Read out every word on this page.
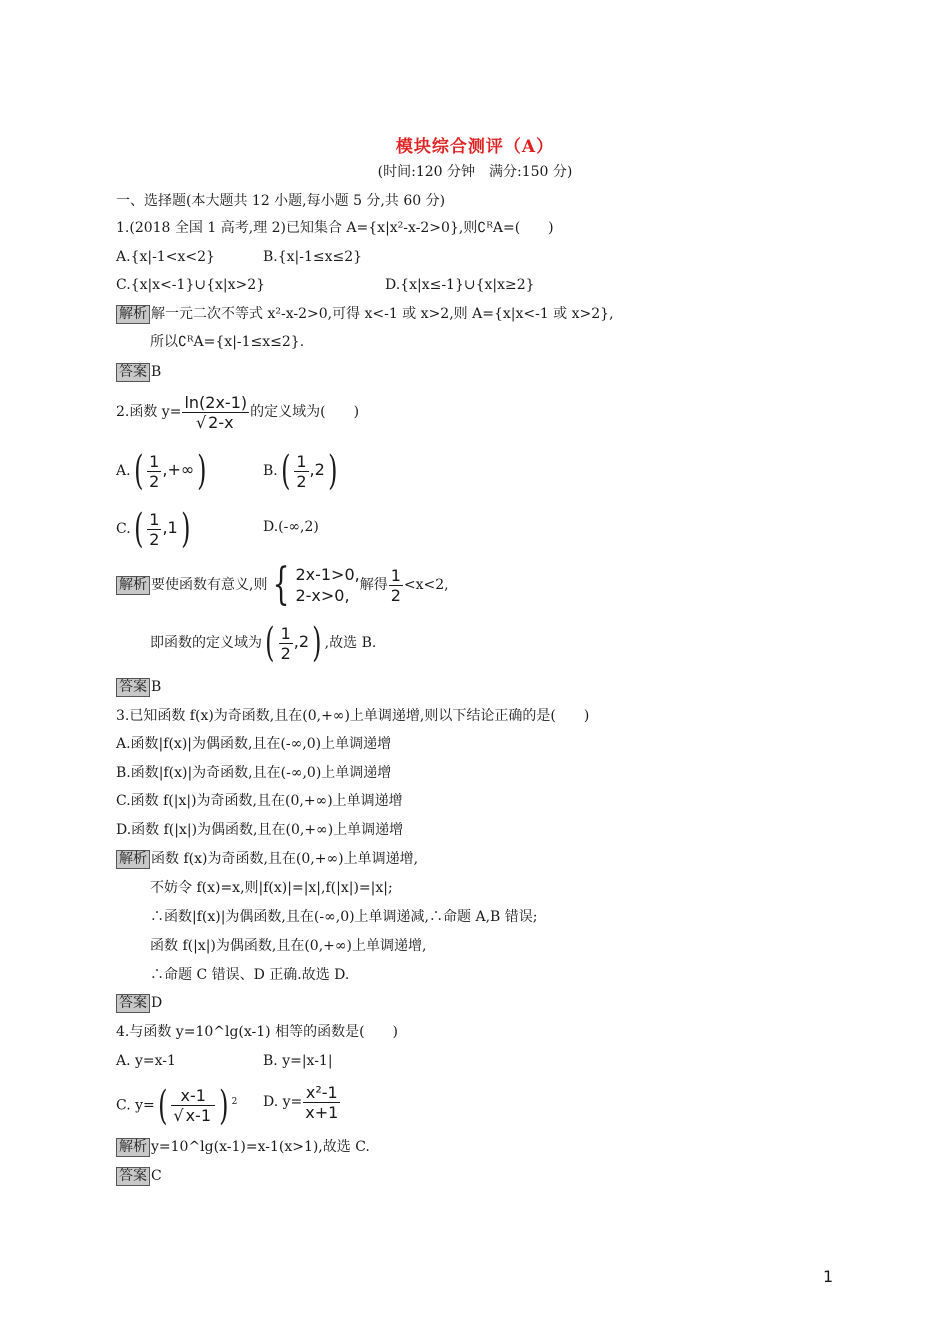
模块综合测评（A）
(时间:120 分钟　满分:150 分)
一、选择题(本大题共 12 小题,每小题 5 分,共 60 分)
1.(2018 全国 1 高考,理 2)已知集合 A={x|x²-x-2>0},则∁ᴿA=(　　)
A.{x|-1<x<2}	B.{x|-1≤x≤2}
C.{x|x<-1}∪{x|x>2}	D.{x|x≤-1}∪{x|x≥2}
解析 解一元二次不等式 x²-x-2>0,可得 x<-1 或 x>2,则 A={x|x<-1 或 x>2},
所以∁ᴿA={x|-1≤x≤2}.
答案 B
2.函数 $y= \frac{\ln(2x-1)}{√ 2-x}$ 的定义域为(　　)
$A.( \frac{1}{2}$ ,+∞)	$B.( \frac{1}{2} ,2)$
$C.( \frac{1}{2} ,1)$	D.(-∞,2)
解析 要使函数有意义,则 { 2x-1>0,
2-x>0,
解得 $\frac{1}{2} <x<2$,
即函数的定义域为( $\frac{1}{2} ,2$) ,故选 B.
答案 B
3.已知函数 f(x)为奇函数,且在(0,+∞)上单调递增,则以下结论正确的是(　　)
A.函数|f(x)|为偶函数,且在(-∞,0)上单调递增
B.函数|f(x)|为奇函数,且在(-∞,0)上单调递增
C.函数 f(|x|)为奇函数,且在(0,+∞)上单调递增
D.函数 f(|x|)为偶函数,且在(0,+∞)上单调递增
解析 函数 f(x)为奇函数,且在(0,+∞)上单调递增,
不妨令 f(x)=x,则|f(x)|=|x|,f(|x|)=|x|;
∴函数|f(x)|为偶函数,且在(-∞,0)上单调递减,∴命题 A,B 错误;
函数 f(|x|)为偶函数,且在(0,+∞)上单调递增,
∴命题 C 错误、D 正确.故选 D.
答案 D
4.与函数 y=10^lg(x-1) 相等的函数是(　　)
A. y=x-1	B. y=|x-1|
C. $y=( \frac{x-1}{√ x-1}$ ) $^2$ D. $y= \frac{\text{x²-1}}{x+1}$
解析 y=10^lg(x-1)=x-1(x>1),故选 C.
答案 C
1
